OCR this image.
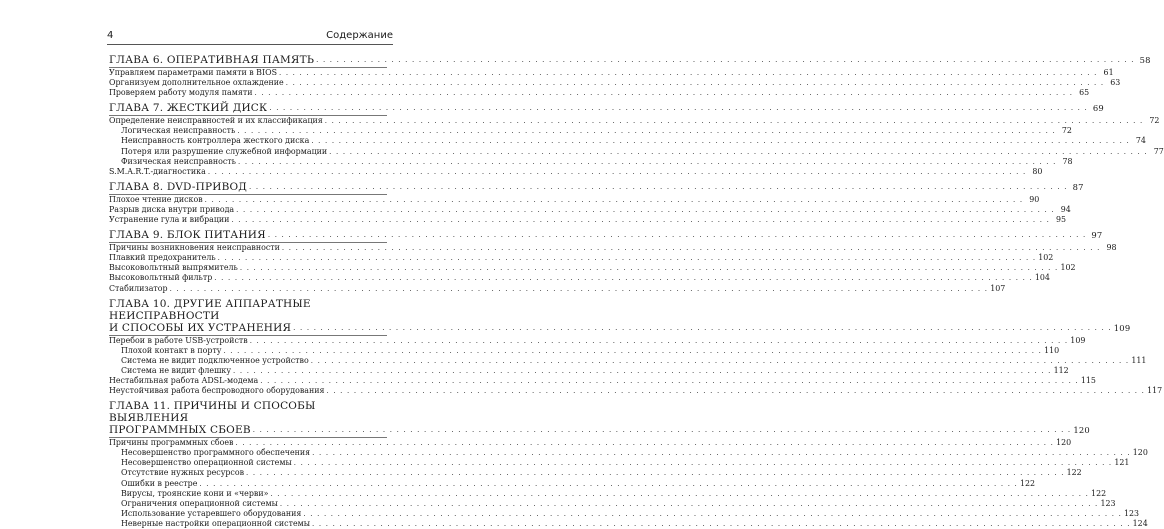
4	Содержание
ГЛАВА 6. ОПЕРАТИВНАЯ ПАМЯТЬ . . . . . . . . . . . . . . . . . . . . . . . . . . . . . . . . . . . . . . . . . . . . . . . . . . . . . . . . . . . . . . . . . . . . . . . . . . . . . . . . . . . . . . . . . . . . . . . . . . . . . . . . . . . . . . . . . . . . . . . . 58
Управляем параметрами памяти в BIOS . . . . . . . . . . . . . . . . . . . . . . . . . . . . . . . . . . . . . . . . . . . . . . . . . . . . . . . . . . . . . . . . . . . . . . . . . . . . . . . . . . . . . . . . . . . . . . . . . . . . . . . . . . . . . . . . . . . . . . . . 61
Организуем дополнительное охлаждение . . . . . . . . . . . . . . . . . . . . . . . . . . . . . . . . . . . . . . . . . . . . . . . . . . . . . . . . . . . . . . . . . . . . . . . . . . . . . . . . . . . . . . . . . . . . . . . . . . . . . . . . . . . . . . . . . . . . . . . . 63
Проверяем работу модуля памяти . . . . . . . . . . . . . . . . . . . . . . . . . . . . . . . . . . . . . . . . . . . . . . . . . . . . . . . . . . . . . . . . . . . . . . . . . . . . . . . . . . . . . . . . . . . . . . . . . . . . . . . . . . . . . . . . . . . . . . . . 65
ГЛАВА 7. ЖЕСТКИЙ ДИСК . . . . . . . . . . . . . . . . . . . . . . . . . . . . . . . . . . . . . . . . . . . . . . . . . . . . . . . . . . . . . . . . . . . . . . . . . . . . . . . . . . . . . . . . . . . . . . . . . . . . . . . . . . . . . . . . . . . . . . . . 69
Определение неисправностей и их классификация . . . . . . . . . . . . . . . . . . . . . . . . . . . . . . . . . . . . . . . . . . . . . . . . . . . . . . . . . . . . . . . . . . . . . . . . . . . . . . . . . . . . . . . . . . . . . . . . . . . . . . . . . . . . . . . . . . . . . . . . 72
Логическая неисправность . . . . . . . . . . . . . . . . . . . . . . . . . . . . . . . . . . . . . . . . . . . . . . . . . . . . . . . . . . . . . . . . . . . . . . . . . . . . . . . . . . . . . . . . . . . . . . . . . . . . . . . . . . . . . . . . . . . . . . . . 72
Неисправность контроллера жесткого диска . . . . . . . . . . . . . . . . . . . . . . . . . . . . . . . . . . . . . . . . . . . . . . . . . . . . . . . . . . . . . . . . . . . . . . . . . . . . . . . . . . . . . . . . . . . . . . . . . . . . . . . . . . . . . . . . . . . . . . . . 74
Потеря или разрушение служебной информации . . . . . . . . . . . . . . . . . . . . . . . . . . . . . . . . . . . . . . . . . . . . . . . . . . . . . . . . . . . . . . . . . . . . . . . . . . . . . . . . . . . . . . . . . . . . . . . . . . . . . . . . . . . . . . . . . . . . . . . . 77
Физическая неисправность . . . . . . . . . . . . . . . . . . . . . . . . . . . . . . . . . . . . . . . . . . . . . . . . . . . . . . . . . . . . . . . . . . . . . . . . . . . . . . . . . . . . . . . . . . . . . . . . . . . . . . . . . . . . . . . . . . . . . . . . 78
S.M.A.R.T.-диагностика . . . . . . . . . . . . . . . . . . . . . . . . . . . . . . . . . . . . . . . . . . . . . . . . . . . . . . . . . . . . . . . . . . . . . . . . . . . . . . . . . . . . . . . . . . . . . . . . . . . . . . . . . . . . . . . . . . . . . . . . 80
ГЛАВА 8. DVD-ПРИВОД . . . . . . . . . . . . . . . . . . . . . . . . . . . . . . . . . . . . . . . . . . . . . . . . . . . . . . . . . . . . . . . . . . . . . . . . . . . . . . . . . . . . . . . . . . . . . . . . . . . . . . . . . . . . . . . . . . . . . . . . 87
Плохое чтение дисков . . . . . . . . . . . . . . . . . . . . . . . . . . . . . . . . . . . . . . . . . . . . . . . . . . . . . . . . . . . . . . . . . . . . . . . . . . . . . . . . . . . . . . . . . . . . . . . . . . . . . . . . . . . . . . . . . . . . . . . . 90
Разрыв диска внутри привода . . . . . . . . . . . . . . . . . . . . . . . . . . . . . . . . . . . . . . . . . . . . . . . . . . . . . . . . . . . . . . . . . . . . . . . . . . . . . . . . . . . . . . . . . . . . . . . . . . . . . . . . . . . . . . . . . . . . . . . . 94
Устранение гула и вибрации . . . . . . . . . . . . . . . . . . . . . . . . . . . . . . . . . . . . . . . . . . . . . . . . . . . . . . . . . . . . . . . . . . . . . . . . . . . . . . . . . . . . . . . . . . . . . . . . . . . . . . . . . . . . . . . . . . . . . . . . 95
ГЛАВА 9. БЛОК ПИТАНИЯ . . . . . . . . . . . . . . . . . . . . . . . . . . . . . . . . . . . . . . . . . . . . . . . . . . . . . . . . . . . . . . . . . . . . . . . . . . . . . . . . . . . . . . . . . . . . . . . . . . . . . . . . . . . . . . . . . . . . . . . . 97
Причины возникновения неисправности . . . . . . . . . . . . . . . . . . . . . . . . . . . . . . . . . . . . . . . . . . . . . . . . . . . . . . . . . . . . . . . . . . . . . . . . . . . . . . . . . . . . . . . . . . . . . . . . . . . . . . . . . . . . . . . . . . . . . . . . 98
Плавкий предохранитель . . . . . . . . . . . . . . . . . . . . . . . . . . . . . . . . . . . . . . . . . . . . . . . . . . . . . . . . . . . . . . . . . . . . . . . . . . . . . . . . . . . . . . . . . . . . . . . . . . . . . . . . . . . . . . . . . . . . . . . . 102
Высоковольтный выпрямитель . . . . . . . . . . . . . . . . . . . . . . . . . . . . . . . . . . . . . . . . . . . . . . . . . . . . . . . . . . . . . . . . . . . . . . . . . . . . . . . . . . . . . . . . . . . . . . . . . . . . . . . . . . . . . . . . . . . . . . . . 102
Высоковольтный фильтр . . . . . . . . . . . . . . . . . . . . . . . . . . . . . . . . . . . . . . . . . . . . . . . . . . . . . . . . . . . . . . . . . . . . . . . . . . . . . . . . . . . . . . . . . . . . . . . . . . . . . . . . . . . . . . . . . . . . . . . . 104
Стабилизатор . . . . . . . . . . . . . . . . . . . . . . . . . . . . . . . . . . . . . . . . . . . . . . . . . . . . . . . . . . . . . . . . . . . . . . . . . . . . . . . . . . . . . . . . . . . . . . . . . . . . . . . . . . . . . . . . . . . . . . . . 107
ГЛАВА 10. ДРУГИЕ АППАРАТНЫЕ НЕИСПРАВНОСТИ
И СПОСОБЫ ИХ УСТРАНЕНИЯ . . . . . . . . . . . . . . . . . . . . . . . . . . . . . . . . . . . . . . . . . . . . . . . . . . . . . . . . . . . . . . . . . . . . . . . . . . . . . . . . . . . . . . . . . . . . . . . . . . . . . . . . . . . . . . . . . . . . . . . . 109
Перебои в работе USB-устройств . . . . . . . . . . . . . . . . . . . . . . . . . . . . . . . . . . . . . . . . . . . . . . . . . . . . . . . . . . . . . . . . . . . . . . . . . . . . . . . . . . . . . . . . . . . . . . . . . . . . . . . . . . . . . . . . . . . . . . . . 109
Плохой контакт в порту . . . . . . . . . . . . . . . . . . . . . . . . . . . . . . . . . . . . . . . . . . . . . . . . . . . . . . . . . . . . . . . . . . . . . . . . . . . . . . . . . . . . . . . . . . . . . . . . . . . . . . . . . . . . . . . . . . . . . . . . 110
Система не видит подключенное устройство . . . . . . . . . . . . . . . . . . . . . . . . . . . . . . . . . . . . . . . . . . . . . . . . . . . . . . . . . . . . . . . . . . . . . . . . . . . . . . . . . . . . . . . . . . . . . . . . . . . . . . . . . . . . . . . . . . . . . . . . 111
Система не видит флешку . . . . . . . . . . . . . . . . . . . . . . . . . . . . . . . . . . . . . . . . . . . . . . . . . . . . . . . . . . . . . . . . . . . . . . . . . . . . . . . . . . . . . . . . . . . . . . . . . . . . . . . . . . . . . . . . . . . . . . . . 112
Нестабильная работа ADSL-модема . . . . . . . . . . . . . . . . . . . . . . . . . . . . . . . . . . . . . . . . . . . . . . . . . . . . . . . . . . . . . . . . . . . . . . . . . . . . . . . . . . . . . . . . . . . . . . . . . . . . . . . . . . . . . . . . . . . . . . . . 115
Неустойчивая работа беспроводного оборудования . . . . . . . . . . . . . . . . . . . . . . . . . . . . . . . . . . . . . . . . . . . . . . . . . . . . . . . . . . . . . . . . . . . . . . . . . . . . . . . . . . . . . . . . . . . . . . . . . . . . . . . . . . . . . . . . . . . . . . . . 117
ГЛАВА 11. ПРИЧИНЫ И СПОСОБЫ ВЫЯВЛЕНИЯ
ПРОГРАММНЫХ СБОЕВ . . . . . . . . . . . . . . . . . . . . . . . . . . . . . . . . . . . . . . . . . . . . . . . . . . . . . . . . . . . . . . . . . . . . . . . . . . . . . . . . . . . . . . . . . . . . . . . . . . . . . . . . . . . . . . . . . . . . . . . . 120
Причины программных сбоев . . . . . . . . . . . . . . . . . . . . . . . . . . . . . . . . . . . . . . . . . . . . . . . . . . . . . . . . . . . . . . . . . . . . . . . . . . . . . . . . . . . . . . . . . . . . . . . . . . . . . . . . . . . . . . . . . . . . . . . . 120
Несовершенство программного обеспечения . . . . . . . . . . . . . . . . . . . . . . . . . . . . . . . . . . . . . . . . . . . . . . . . . . . . . . . . . . . . . . . . . . . . . . . . . . . . . . . . . . . . . . . . . . . . . . . . . . . . . . . . . . . . . . . . . . . . . . . . 120
Несовершенство операционной системы . . . . . . . . . . . . . . . . . . . . . . . . . . . . . . . . . . . . . . . . . . . . . . . . . . . . . . . . . . . . . . . . . . . . . . . . . . . . . . . . . . . . . . . . . . . . . . . . . . . . . . . . . . . . . . . . . . . . . . . . 121
Отсутствие нужных ресурсов . . . . . . . . . . . . . . . . . . . . . . . . . . . . . . . . . . . . . . . . . . . . . . . . . . . . . . . . . . . . . . . . . . . . . . . . . . . . . . . . . . . . . . . . . . . . . . . . . . . . . . . . . . . . . . . . . . . . . . . . 122
Ошибки в реестре . . . . . . . . . . . . . . . . . . . . . . . . . . . . . . . . . . . . . . . . . . . . . . . . . . . . . . . . . . . . . . . . . . . . . . . . . . . . . . . . . . . . . . . . . . . . . . . . . . . . . . . . . . . . . . . . . . . . . . . . 122
Вирусы, троянские кони и «черви» . . . . . . . . . . . . . . . . . . . . . . . . . . . . . . . . . . . . . . . . . . . . . . . . . . . . . . . . . . . . . . . . . . . . . . . . . . . . . . . . . . . . . . . . . . . . . . . . . . . . . . . . . . . . . . . . . . . . . . . . 122
Ограничения операционной системы . . . . . . . . . . . . . . . . . . . . . . . . . . . . . . . . . . . . . . . . . . . . . . . . . . . . . . . . . . . . . . . . . . . . . . . . . . . . . . . . . . . . . . . . . . . . . . . . . . . . . . . . . . . . . . . . . . . . . . . . 123
Использование устаревшего оборудования . . . . . . . . . . . . . . . . . . . . . . . . . . . . . . . . . . . . . . . . . . . . . . . . . . . . . . . . . . . . . . . . . . . . . . . . . . . . . . . . . . . . . . . . . . . . . . . . . . . . . . . . . . . . . . . . . . . . . . . . 123
Неверные настройки операционной системы . . . . . . . . . . . . . . . . . . . . . . . . . . . . . . . . . . . . . . . . . . . . . . . . . . . . . . . . . . . . . . . . . . . . . . . . . . . . . . . . . . . . . . . . . . . . . . . . . . . . . . . . . . . . . . . . . . . . . . . . 124
